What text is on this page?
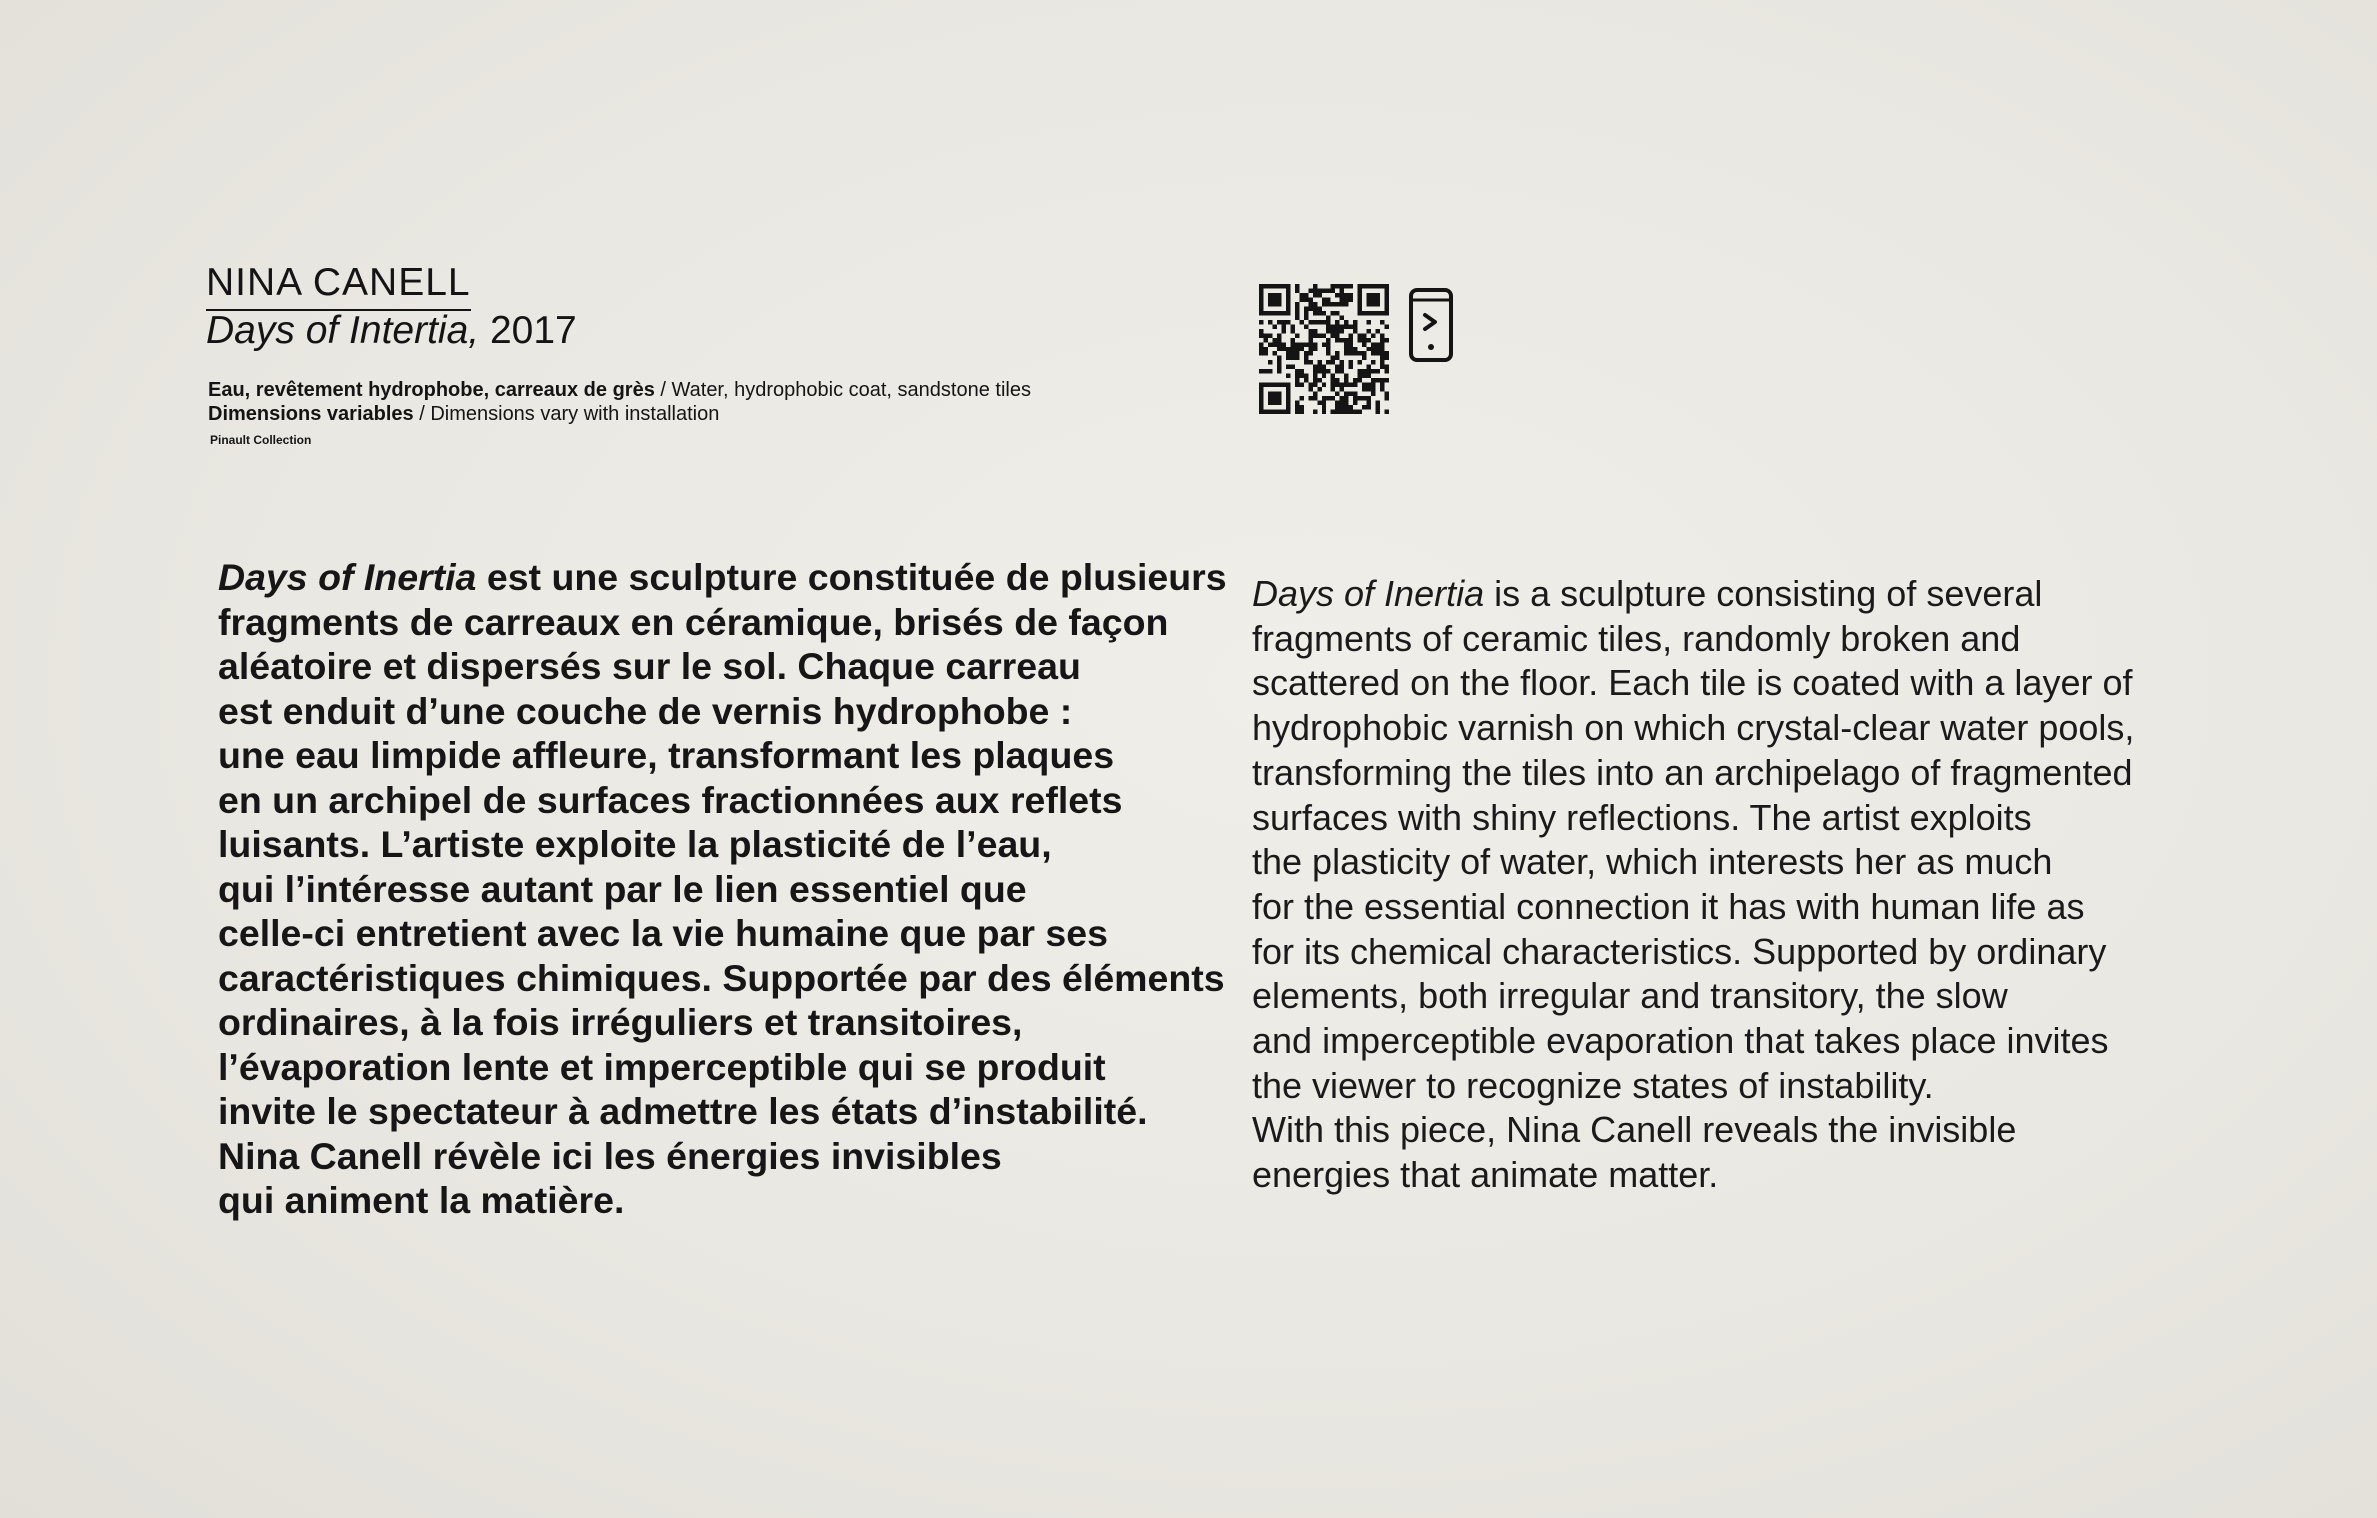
NINA CANELL
Days of Intertia, 2017
Eau, revêtement hydrophobe, carreaux de grès / Water, hydrophobic coat, sandstone tiles
Dimensions variables / Dimensions vary with installation
Pinault Collection
Days of Inertia est une sculpture constituée de plusieurs
fragments de carreaux en céramique, brisés de façon
aléatoire et dispersés sur le sol. Chaque carreau
est enduit d’une couche de vernis hydrophobe :
une eau limpide affleure, transformant les plaques
en un archipel de surfaces fractionnées aux reflets
luisants. L’artiste exploite la plasticité de l’eau,
qui l’intéresse autant par le lien essentiel que
celle-ci entretient avec la vie humaine que par ses
caractéristiques chimiques. Supportée par des éléments
ordinaires, à la fois irréguliers et transitoires,
l’évaporation lente et imperceptible qui se produit
invite le spectateur à admettre les états d’instabilité.
Nina Canell révèle ici les énergies invisibles
qui animent la matière.
Days of Inertia is a sculpture consisting of several
fragments of ceramic tiles, randomly broken and
scattered on the floor. Each tile is coated with a layer of
hydrophobic varnish on which crystal-clear water pools,
transforming the tiles into an archipelago of fragmented
surfaces with shiny reflections. The artist exploits
the plasticity of water, which interests her as much
for the essential connection it has with human life as
for its chemical characteristics. Supported by ordinary
elements, both irregular and transitory, the slow
and imperceptible evaporation that takes place invites
the viewer to recognize states of instability.
With this piece, Nina Canell reveals the invisible
energies that animate matter.
